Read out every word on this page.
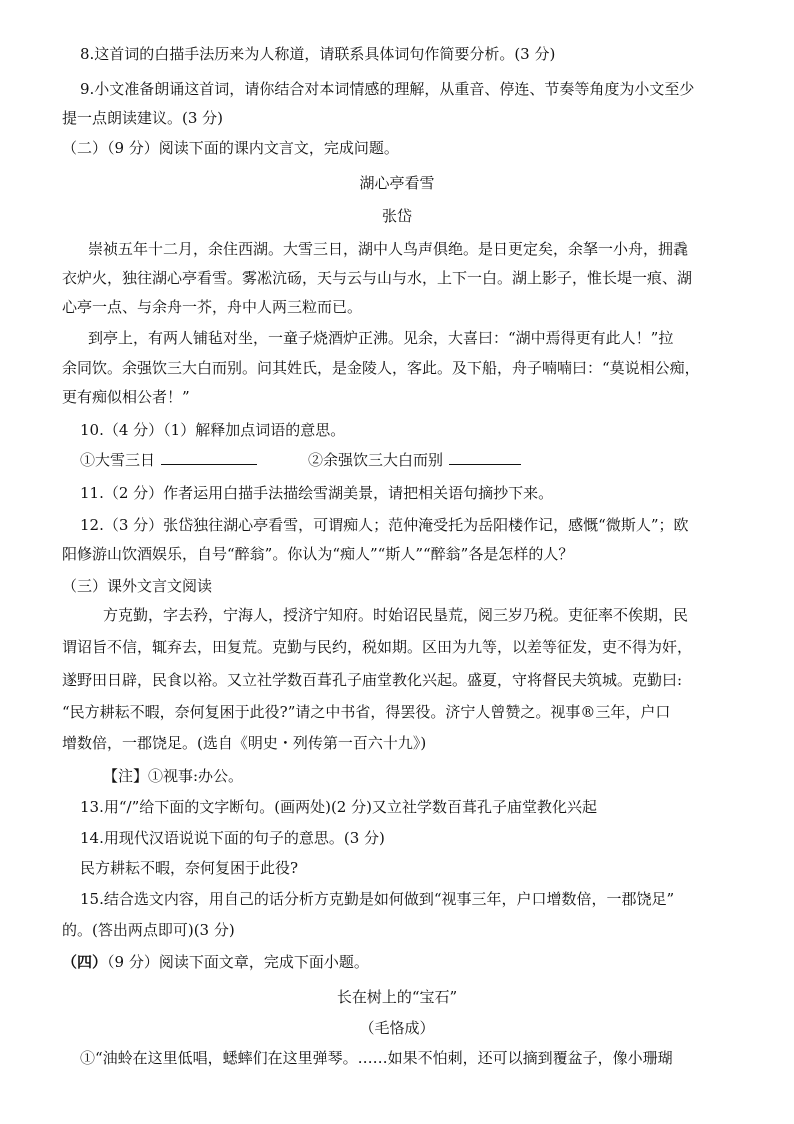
8.这首词的白描手法历来为人称道，请联系具体词句作简要分析。(3 分)
9.小文准备朗诵这首词，请你结合对本词情感的理解，从重音、停连、节奏等角度为小文至少
提一点朗读建议。(3 分)
（二）（9 分）阅读下面的课内文言文，完成问题。
湖心亭看雪
张岱
崇祯五年十二月，余住西湖。大雪三日，湖中人鸟声俱绝。是日更定矣，余拏一小舟，拥毳
衣炉火，独往湖心亭看雪。雾凇沆砀，天与云与山与水，上下一白。湖上影子，惟长堤一痕、湖
心亭一点、与余舟一芥，舟中人两三粒而已。
到亭上，有两人铺毡对坐，一童子烧酒炉正沸。见余，大喜曰：“湖中焉得更有此人！”拉
余同饮。余强饮三大白而别。问其姓氏，是金陵人，客此。及下船，舟子喃喃曰：“莫说相公痴，
更有痴似相公者！”
10.（4 分）（1）解释加点词语的意思。
①大雪三日	②余强饮三大白而别
11.（2 分）作者运用白描手法描绘雪湖美景，请把相关语句摘抄下来。
12.（3 分）张岱独往湖心亭看雪，可谓痴人；范仲淹受托为岳阳楼作记，感慨“微斯人”；欧
阳修游山饮酒娱乐，自号“醉翁”。你认为“痴人”“斯人”“醉翁”各是怎样的人？
（三）课外文言文阅读
方克勤，字去矜，宁海人，授济宁知府。时始诏民垦荒，阅三岁乃税。吏征率不俟期，民
谓诏旨不信，辄弃去，田复荒。克勤与民约，税如期。区田为九等，以差等征发，吏不得为奸，
遂野田日辟，民食以裕。又立社学数百葺孔子庙堂教化兴起。盛夏，守将督民夫筑城。克勤曰:
“民方耕耘不暇，奈何复困于此役?”请之中书省，得罢役。济宁人曾赞之。视事®三年，户口
增数倍，一郡饶足。(选自《明史・列传第一百六十九》)
【注】①视事:办公。
13.用“/”给下面的文字断句。(画两处)(2 分)又立社学数百葺孔子庙堂教化兴起
14.用现代汉语说说下面的句子的意思。(3 分)
民方耕耘不暇，奈何复困于此役?
15.结合选文内容，用自己的话分析方克勤是如何做到“视事三年，户口增数倍，一郡饶足”
的。(答出两点即可)(3 分)
（四）（9 分）阅读下面文章，完成下面小题。
长在树上的“宝石”
（毛恪成）
①“油蛉在这里低唱，蟋蟀们在这里弹琴。……如果不怕刺，还可以摘到覆盆子，像小珊瑚
